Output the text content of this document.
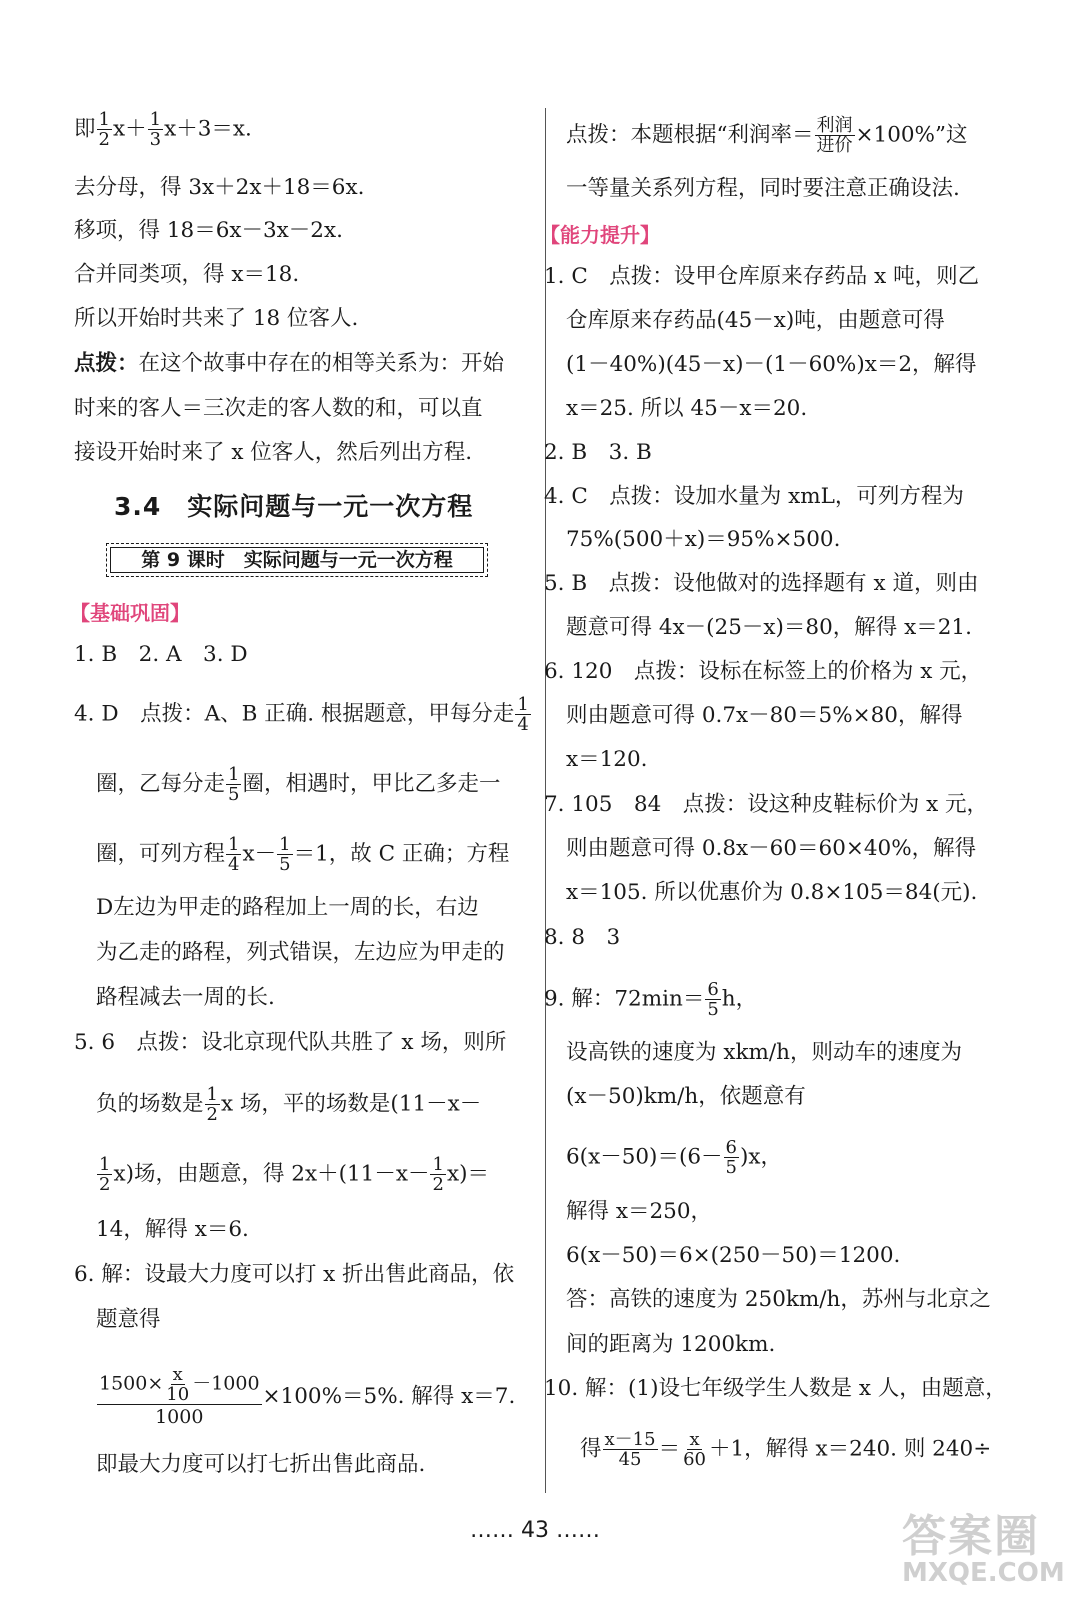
即 $\frac{1}{2} x+ \frac{1}{3} x+3=x$.
去分母，得 3x＋2x＋18＝6x.
移项，得 18＝6x－3x－2x.
合并同类项，得 x＝18.
所以开始时共来了 18 位客人.
点拨：在这个故事中存在的相等关系为：开始
时来的客人＝三次走的客人数的和，可以直
接设开始时来了 x 位客人，然后列出方程.
3.4　实际问题与一元一次方程
第 9 课时　实际问题与一元一次方程
【基础巩固】
1. B　2. A　3. D
4. D　点拨：A、B 正确. 根据题意，甲每分走 $\frac{1}{4}$
圈，乙每分走 $\frac{1}{5}$ 圈，相遇时，甲比乙多走一
圈，可列方程 $\frac{1}{4} x- \frac{1}{5} =1$，故 C 正确；方程
D左边为甲走的路程加上一周的长，右边
为乙走的路程，列式错误，左边应为甲走的
路程减去一周的长.
5. 6　点拨：设北京现代队共胜了 x 场，则所
负的场数是 $\frac{1}{2}$ x 场，平的场数是(11－x－
$\frac{1}{2} x$)场，由题意，得 $2x+(11-x- \frac{1}{2} x)=$
14，解得 x＝6.
6. 解：设最大力度可以打 x 折出售此商品，依
题意得
$\frac{1500\times \frac{x}{10} -1000}{1000} \times 100\%=5\%$. 解得 x＝7.
即最大力度可以打七折出售此商品.
点拨：本题根据“利润率＝ $\frac{\text{利润}}{\text{进价}} \times 100\%$”这
一等量关系列方程，同时要注意正确设法.
【能力提升】
1. C　点拨：设甲仓库原来存药品 x 吨，则乙
仓库原来存药品(45－x)吨，由题意可得
(1－40%)(45－x)－(1－60%)x＝2，解得
x＝25. 所以 45－x＝20.
2. B　3. B
4. C　点拨：设加水量为 xmL，可列方程为
75%(500＋x)＝95%×500.
5. B　点拨：设他做对的选择题有 x 道，则由
题意可得 4x－(25－x)＝80，解得 x＝21.
6. 120　点拨：设标在标签上的价格为 x 元，
则由题意可得 0.7x－80＝5%×80，解得
x＝120.
7. 105　84　点拨：设这种皮鞋标价为 x 元，
则由题意可得 0.8x－60＝60×40%，解得
x＝105. 所以优惠价为 0.8×105＝84(元).
8. 8　3
9. 解：$72\min= \frac{6}{5}$ h，
设高铁的速度为 xkm/h，则动车的速度为
(x－50)km/h，依题意有
$6(x-50)=(6- \frac{6}{5} )x$，
解得 x＝250，
6(x－50)＝6×(250－50)＝1200.
答：高铁的速度为 250km/h，苏州与北京之
间的距离为 1200km.
10. 解：(1)设七年级学生人数是 x 人，由题意，
得 $\frac{x-15}{45} = \frac{x}{60} +1$，解得 x＝240. 则 240÷
…… 43 ……	答案圈
MXQE.COM
